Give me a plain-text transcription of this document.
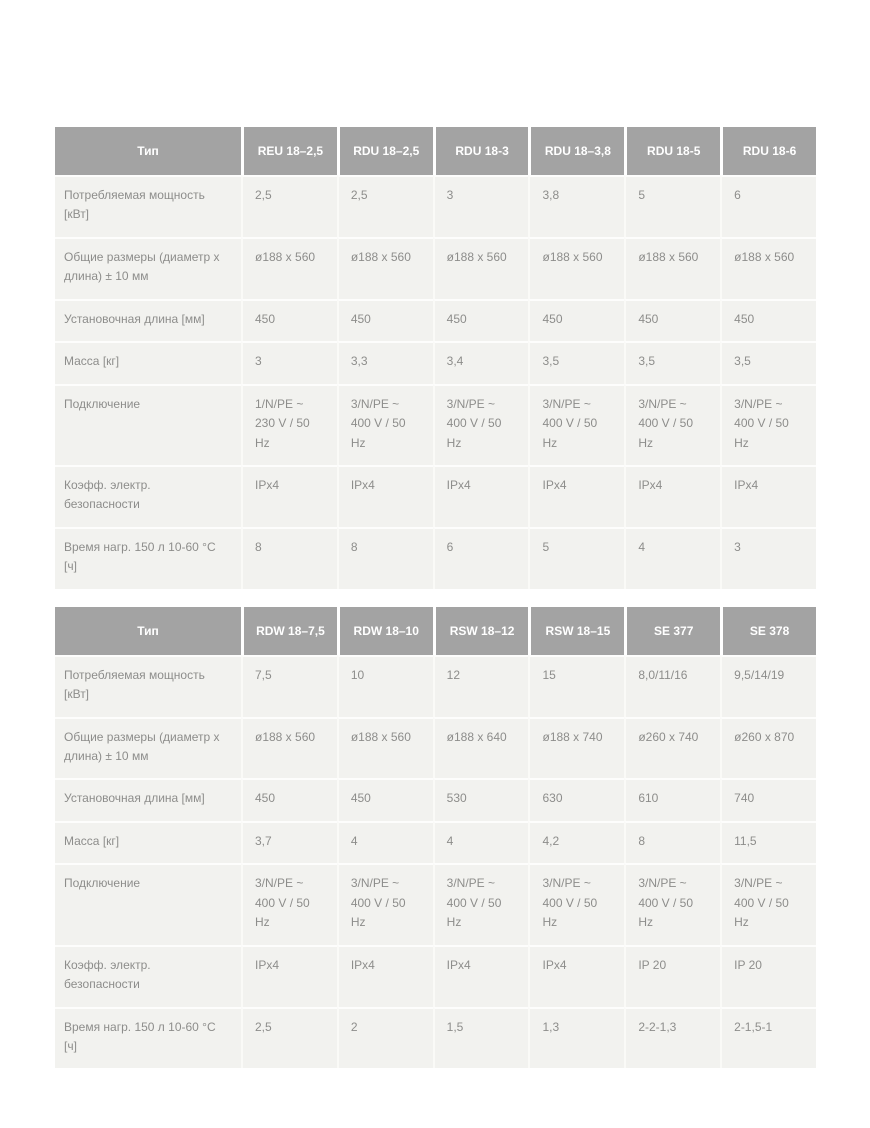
Тип	REU 18–2,5	RDU 18–2,5	RDU 18-3	RDU 18–3,8	RDU 18-5	RDU 18-6
Потребляемая мощность [кВт]	2,5	2,5	3	3,8	5	6
Общие размеры (диаметр x длина) ± 10 мм	ø188 x 560	ø188 x 560	ø188 x 560	ø188 x 560	ø188 x 560	ø188 x 560
Установочная длина [мм]	450	450	450	450	450	450
Масса [кг]	3	3,3	3,4	3,5	3,5	3,5
Подключение	1/N/PE ~ 230 V / 50 Hz	3/N/PE ~ 400 V / 50 Hz	3/N/PE ~ 400 V / 50 Hz	3/N/PE ~ 400 V / 50 Hz	3/N/PE ~ 400 V / 50 Hz	3/N/PE ~ 400 V / 50 Hz
Коэфф. электр. безопасности	IPx4	IPx4	IPx4	IPx4	IPx4	IPx4
Время нагр. 150 л 10-60 °C [ч]	8	8	6	5	4	3
Тип	RDW 18–7,5	RDW 18–10	RSW 18–12	RSW 18–15	SE 377	SE 378
Потребляемая мощность [кВт]	7,5	10	12	15	8,0/11/16	9,5/14/19
Общие размеры (диаметр x длина) ± 10 мм	ø188 x 560	ø188 x 560	ø188 x 640	ø188 x 740	ø260 x 740	ø260 x 870
Установочная длина [мм]	450	450	530	630	610	740
Масса [кг]	3,7	4	4	4,2	8	11,5
Подключение	3/N/PE ~ 400 V / 50 Hz	3/N/PE ~ 400 V / 50 Hz	3/N/PE ~ 400 V / 50 Hz	3/N/PE ~ 400 V / 50 Hz	3/N/PE ~ 400 V / 50 Hz	3/N/PE ~ 400 V / 50 Hz
Коэфф. электр. безопасности	IPx4	IPx4	IPx4	IPx4	IP 20	IP 20
Время нагр. 150 л 10-60 °C [ч]	2,5	2	1,5	1,3	2-2-1,3	2-1,5-1
